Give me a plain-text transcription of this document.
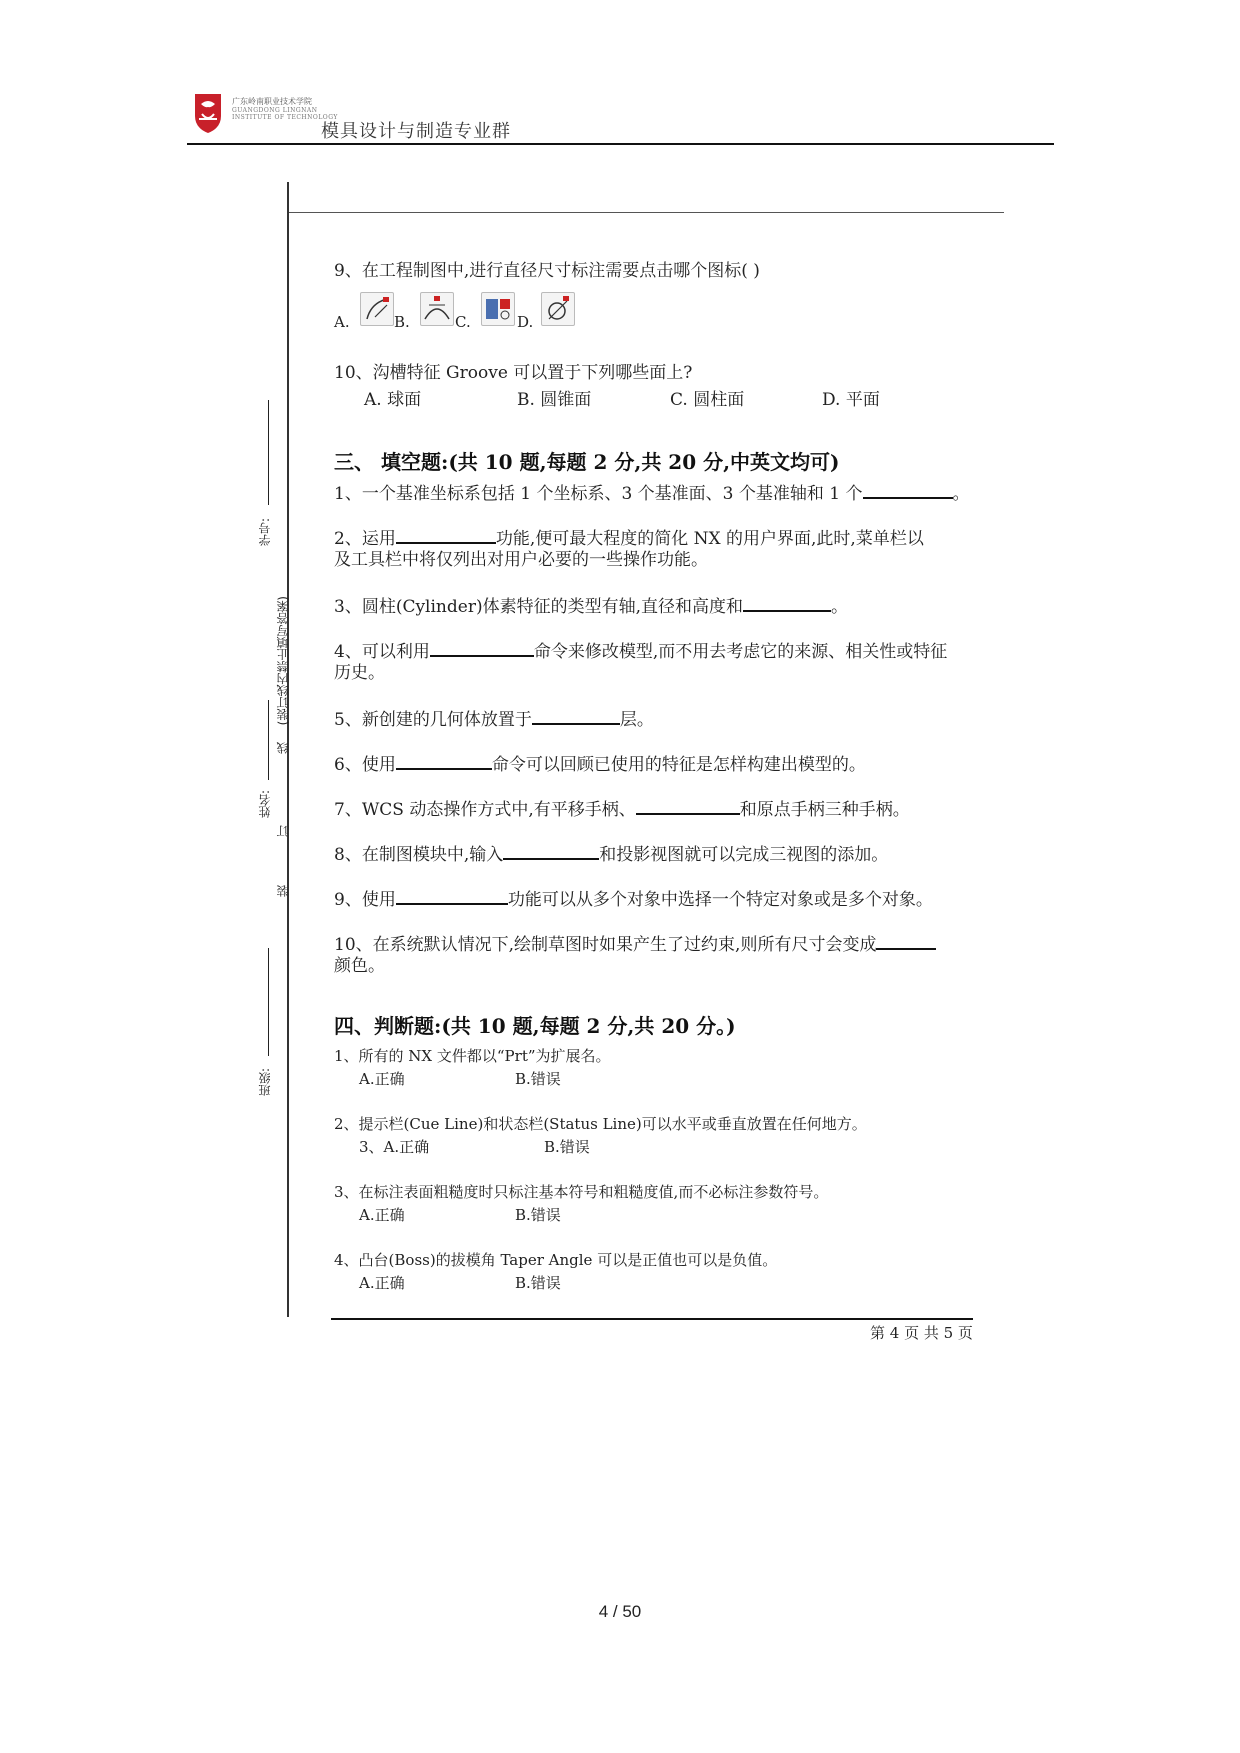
广东岭南职业技术学院
GUANGDONG LINGNAN
INSTITUTE OF TECHNOLOGY
模具设计与制造专业群
学号:
(装订线内禁止填写答案)
线
姓名:
订
装
班级:
9、在工程制图中,进行直径尺寸标注需要点击哪个图标( )
A.	B.	C.	D.
10、沟槽特征 Groove 可以置于下列哪些面上?
A. 球面	B. 圆锥面	C. 圆柱面	D. 平面
三、 填空题:(共 10 题,每题 2 分,共 20 分,中英文均可)
1、一个基准坐标系包括 1 个坐标系、3 个基准面、3 个基准轴和 1 个	。
2、运用	功能,便可最大程度的简化 NX 的用户界面,此时,菜单栏以
及工具栏中将仅列出对用户必要的一些操作功能。
3、圆柱(Cylinder)体素特征的类型有轴,直径和高度和	。
4、可以利用	命令来修改模型,而不用去考虑它的来源、相关性或特征
历史。
5、新创建的几何体放置于	层。
6、使用	命令可以回顾已使用的特征是怎样构建出模型的。
7、WCS 动态操作方式中,有平移手柄、	和原点手柄三种手柄。
8、在制图模块中,输入	和投影视图就可以完成三视图的添加。
9、使用	功能可以从多个对象中选择一个特定对象或是多个对象。
10、在系统默认情况下,绘制草图时如果产生了过约束,则所有尺寸会变成
颜色。
四、判断题:(共 10 题,每题 2 分,共 20 分。)
1、所有的 NX 文件都以“Prt”为扩展名。
A.正确	B.错误
2、提示栏(Cue Line)和状态栏(Status Line)可以水平或垂直放置在任何地方。
3、A.正确	B.错误
3、在标注表面粗糙度时只标注基本符号和粗糙度值,而不必标注参数符号。
A.正确	B.错误
4、凸台(Boss)的拔模角 Taper Angle 可以是正值也可以是负值。
A.正确	B.错误
第 4 页 共 5 页
4 / 50
